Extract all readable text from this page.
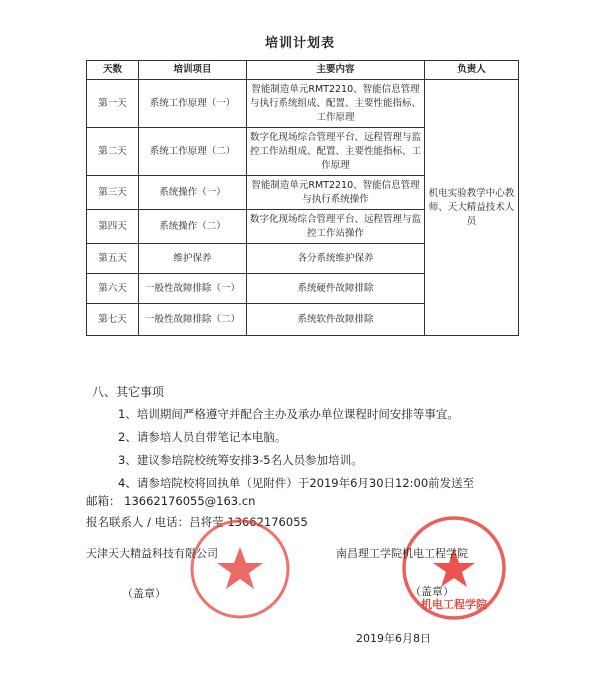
培训计划表
天数	培训项目	主要内容	负责人
第一天	系统工作原理（一）	智能制造单元RMT2210、智能信息管理与执行系统组成、配置、主要性能指标、工作原理	机电实验教学中心教师、天大精益技术人员
第二天	系统工作原理（二）	数字化现场综合管理平台、远程管理与监控工作站组成、配置、主要性能指标、工作原理	
第三天	系统操作（一）	智能制造单元RMT2210、智能信息管理与执行系统操作	
第四天	系统操作（二）	数字化现场综合管理平台、远程管理与监控工作站操作	
第五天	维护保养	各分系统维护保养	
第六天	一般性故障排除（一）	系统硬件故障排除	
第七天	一般性故障排除（二）	系统软件故障排除	
八、其它事项
1、培训期间严格遵守并配合主办及承办单位课程时间安排等事宜。
2、请参培人员自带笔记本电脑。
3、建议参培院校统筹安排3-5名人员参加培训。
4、请参培院校将回执单（见附件）于2019年6月30日12:00前发送至
邮箱： 13662176055@163.cn
报名联系人 / 电话：吕将莹 13662176055
机电工程学院
天津天大精益科技有限公司	南昌理工学院机电工程学院
（盖章）	（盖章）
2019年6月8日
